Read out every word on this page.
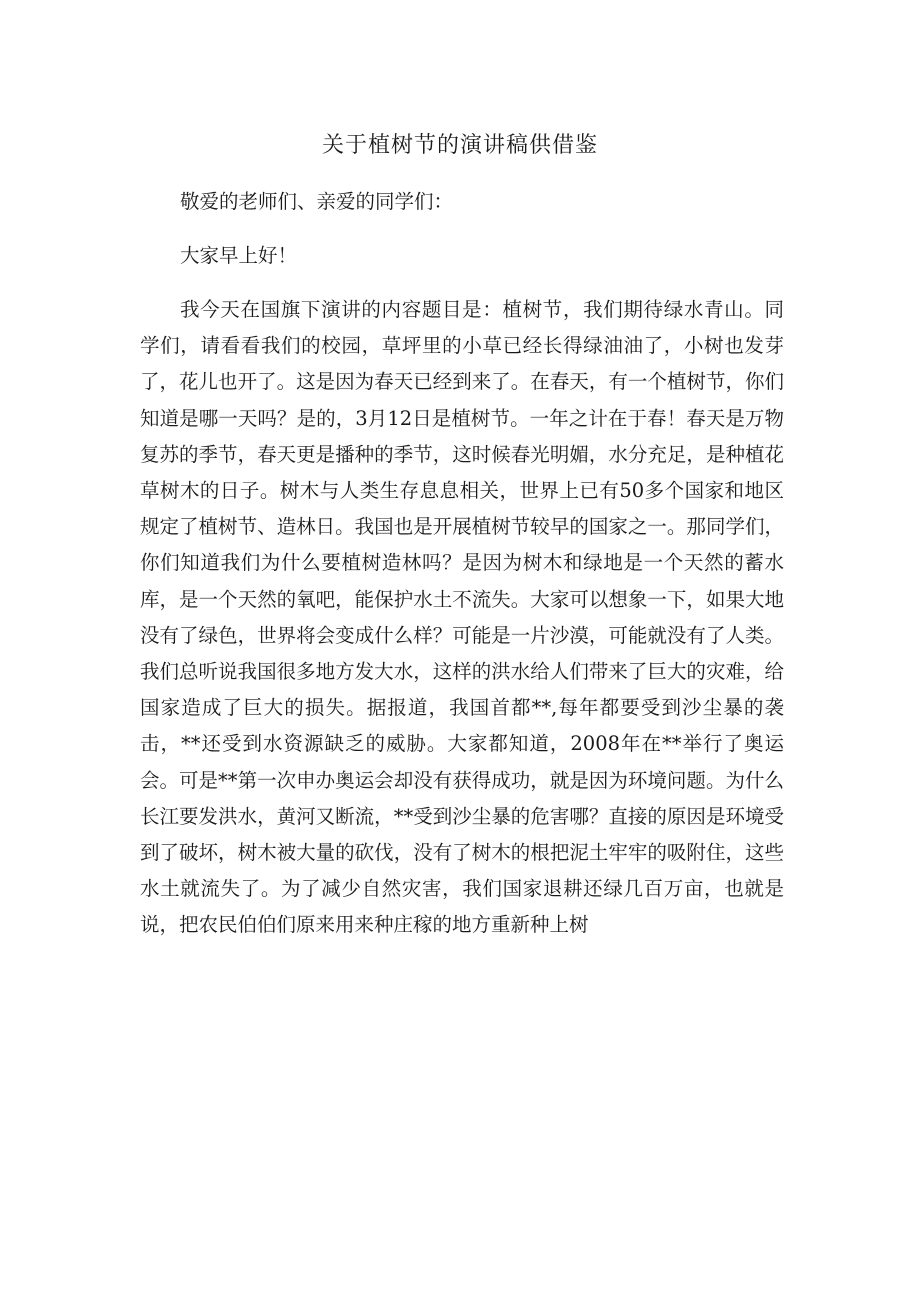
关于植树节的演讲稿供借鉴

敬爱的老师们、亲爱的同学们：

大家早上好！

我今天在国旗下演讲的内容题目是：植树节，我们期待绿水青山。同学们，请看看我们的校园，草坪里的小草已经长得绿油油了，小树也发芽了，花儿也开了。这是因为春天已经到来了。在春天，有一个植树节，你们知道是哪一天吗？是的，3月12日是植树节。一年之计在于春！春天是万物复苏的季节，春天更是播种的季节，这时候春光明媚，水分充足，是种植花草树木的日子。树木与人类生存息息相关，世界上已有50多个国家和地区规定了植树节、造林日。我国也是开展植树节较早的国家之一。那同学们，你们知道我们为什么要植树造林吗？是因为树木和绿地是一个天然的蓄水库，是一个天然的氧吧，能保护水土不流失。大家可以想象一下，如果大地没有了绿色，世界将会变成什么样？可能是一片沙漠，可能就没有了人类。我们总听说我国很多地方发大水，这样的洪水给人们带来了巨大的灾难，给国家造成了巨大的损失。据报道，我国首都**,每年都要受到沙尘暴的袭击，**还受到水资源缺乏的威胁。大家都知道，2008年在**举行了奥运会。可是**第一次申办奥运会却没有获得成功，就是因为环境问题。为什么长江要发洪水，黄河又断流，**受到沙尘暴的危害哪？直接的原因是环境受到了破坏，树木被大量的砍伐，没有了树木的根把泥土牢牢的吸附住，这些水土就流失了。为了减少自然灾害，我们国家退耕还绿几百万亩，也就是说，把农民伯伯们原来用来种庄稼的地方重新种上树
